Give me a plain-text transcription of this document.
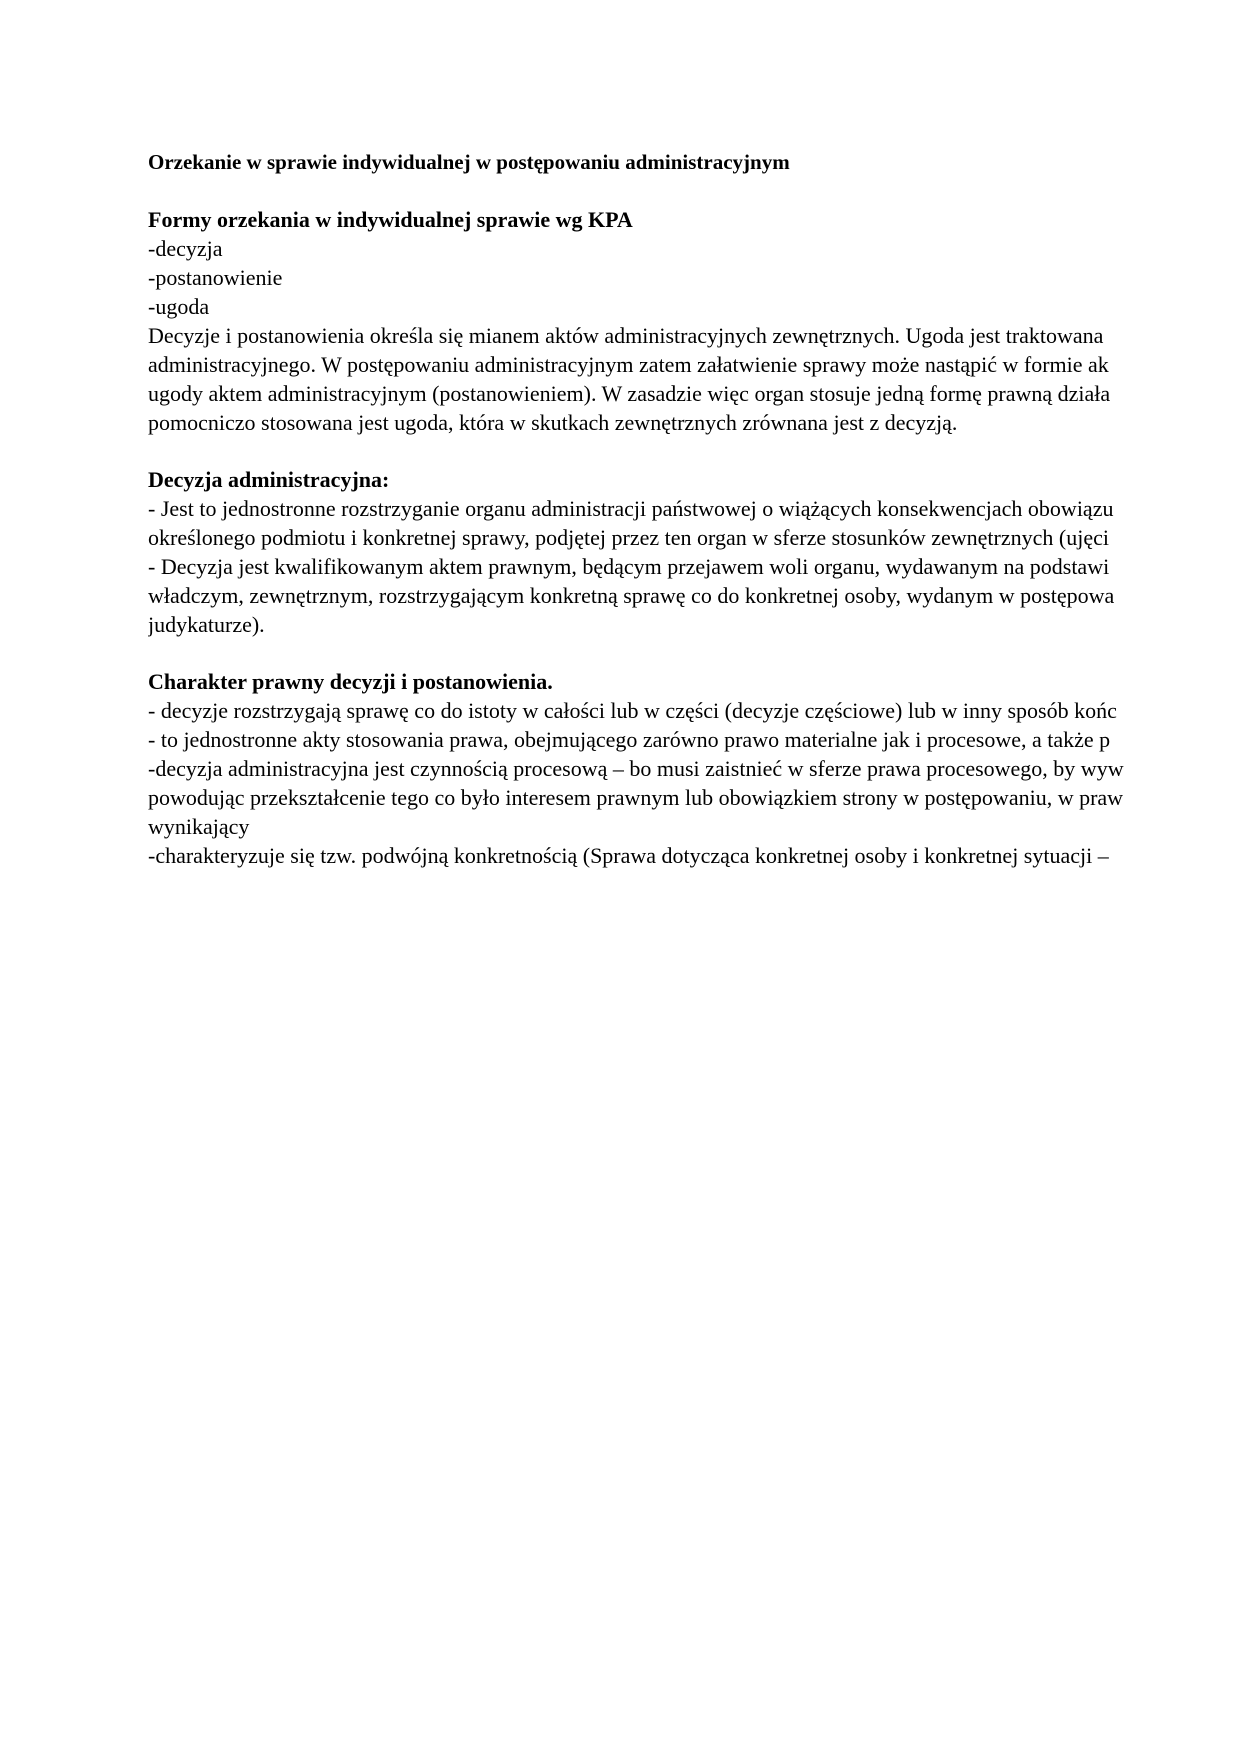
Orzekanie w sprawie indywidualnej w postępowaniu administracyjnym
Formy orzekania w indywidualnej sprawie wg KPA
-decyzja
-postanowienie
-ugoda
Decyzje i postanowienia określa się mianem aktów administracyjnych zewnętrznych. Ugoda jest traktowana
administracyjnego. W postępowaniu administracyjnym zatem załatwienie sprawy może nastąpić w formie ak
ugody aktem administracyjnym (postanowieniem). W zasadzie więc organ stosuje jedną formę prawną działa
pomocniczo stosowana jest ugoda, która w skutkach zewnętrznych zrównana jest z decyzją.
Decyzja administracyjna:
- Jest to jednostronne rozstrzyganie organu administracji państwowej o wiążących konsekwencjach obowiązu
określonego podmiotu i konkretnej sprawy, podjętej przez ten organ w sferze stosunków zewnętrznych (ujęci
- Decyzja jest kwalifikowanym aktem prawnym, będącym przejawem woli organu, wydawanym na podstawi
władczym, zewnętrznym, rozstrzygającym konkretną sprawę co do konkretnej osoby, wydanym w postępowa
judykaturze).
Charakter prawny decyzji i postanowienia.
- decyzje rozstrzygają sprawę co do istoty w całości lub w części (decyzje częściowe) lub w inny sposób końc
- to jednostronne akty stosowania prawa, obejmującego zarówno prawo materialne jak i procesowe, a także p
-decyzja administracyjna jest czynnością procesową – bo musi zaistnieć w sferze prawa procesowego, by wyw
powodując przekształcenie tego co było interesem prawnym lub obowiązkiem strony w postępowaniu, w praw
wynikający
-charakteryzuje się tzw. podwójną konkretnością (Sprawa dotycząca konkretnej osoby i konkretnej sytuacji –
